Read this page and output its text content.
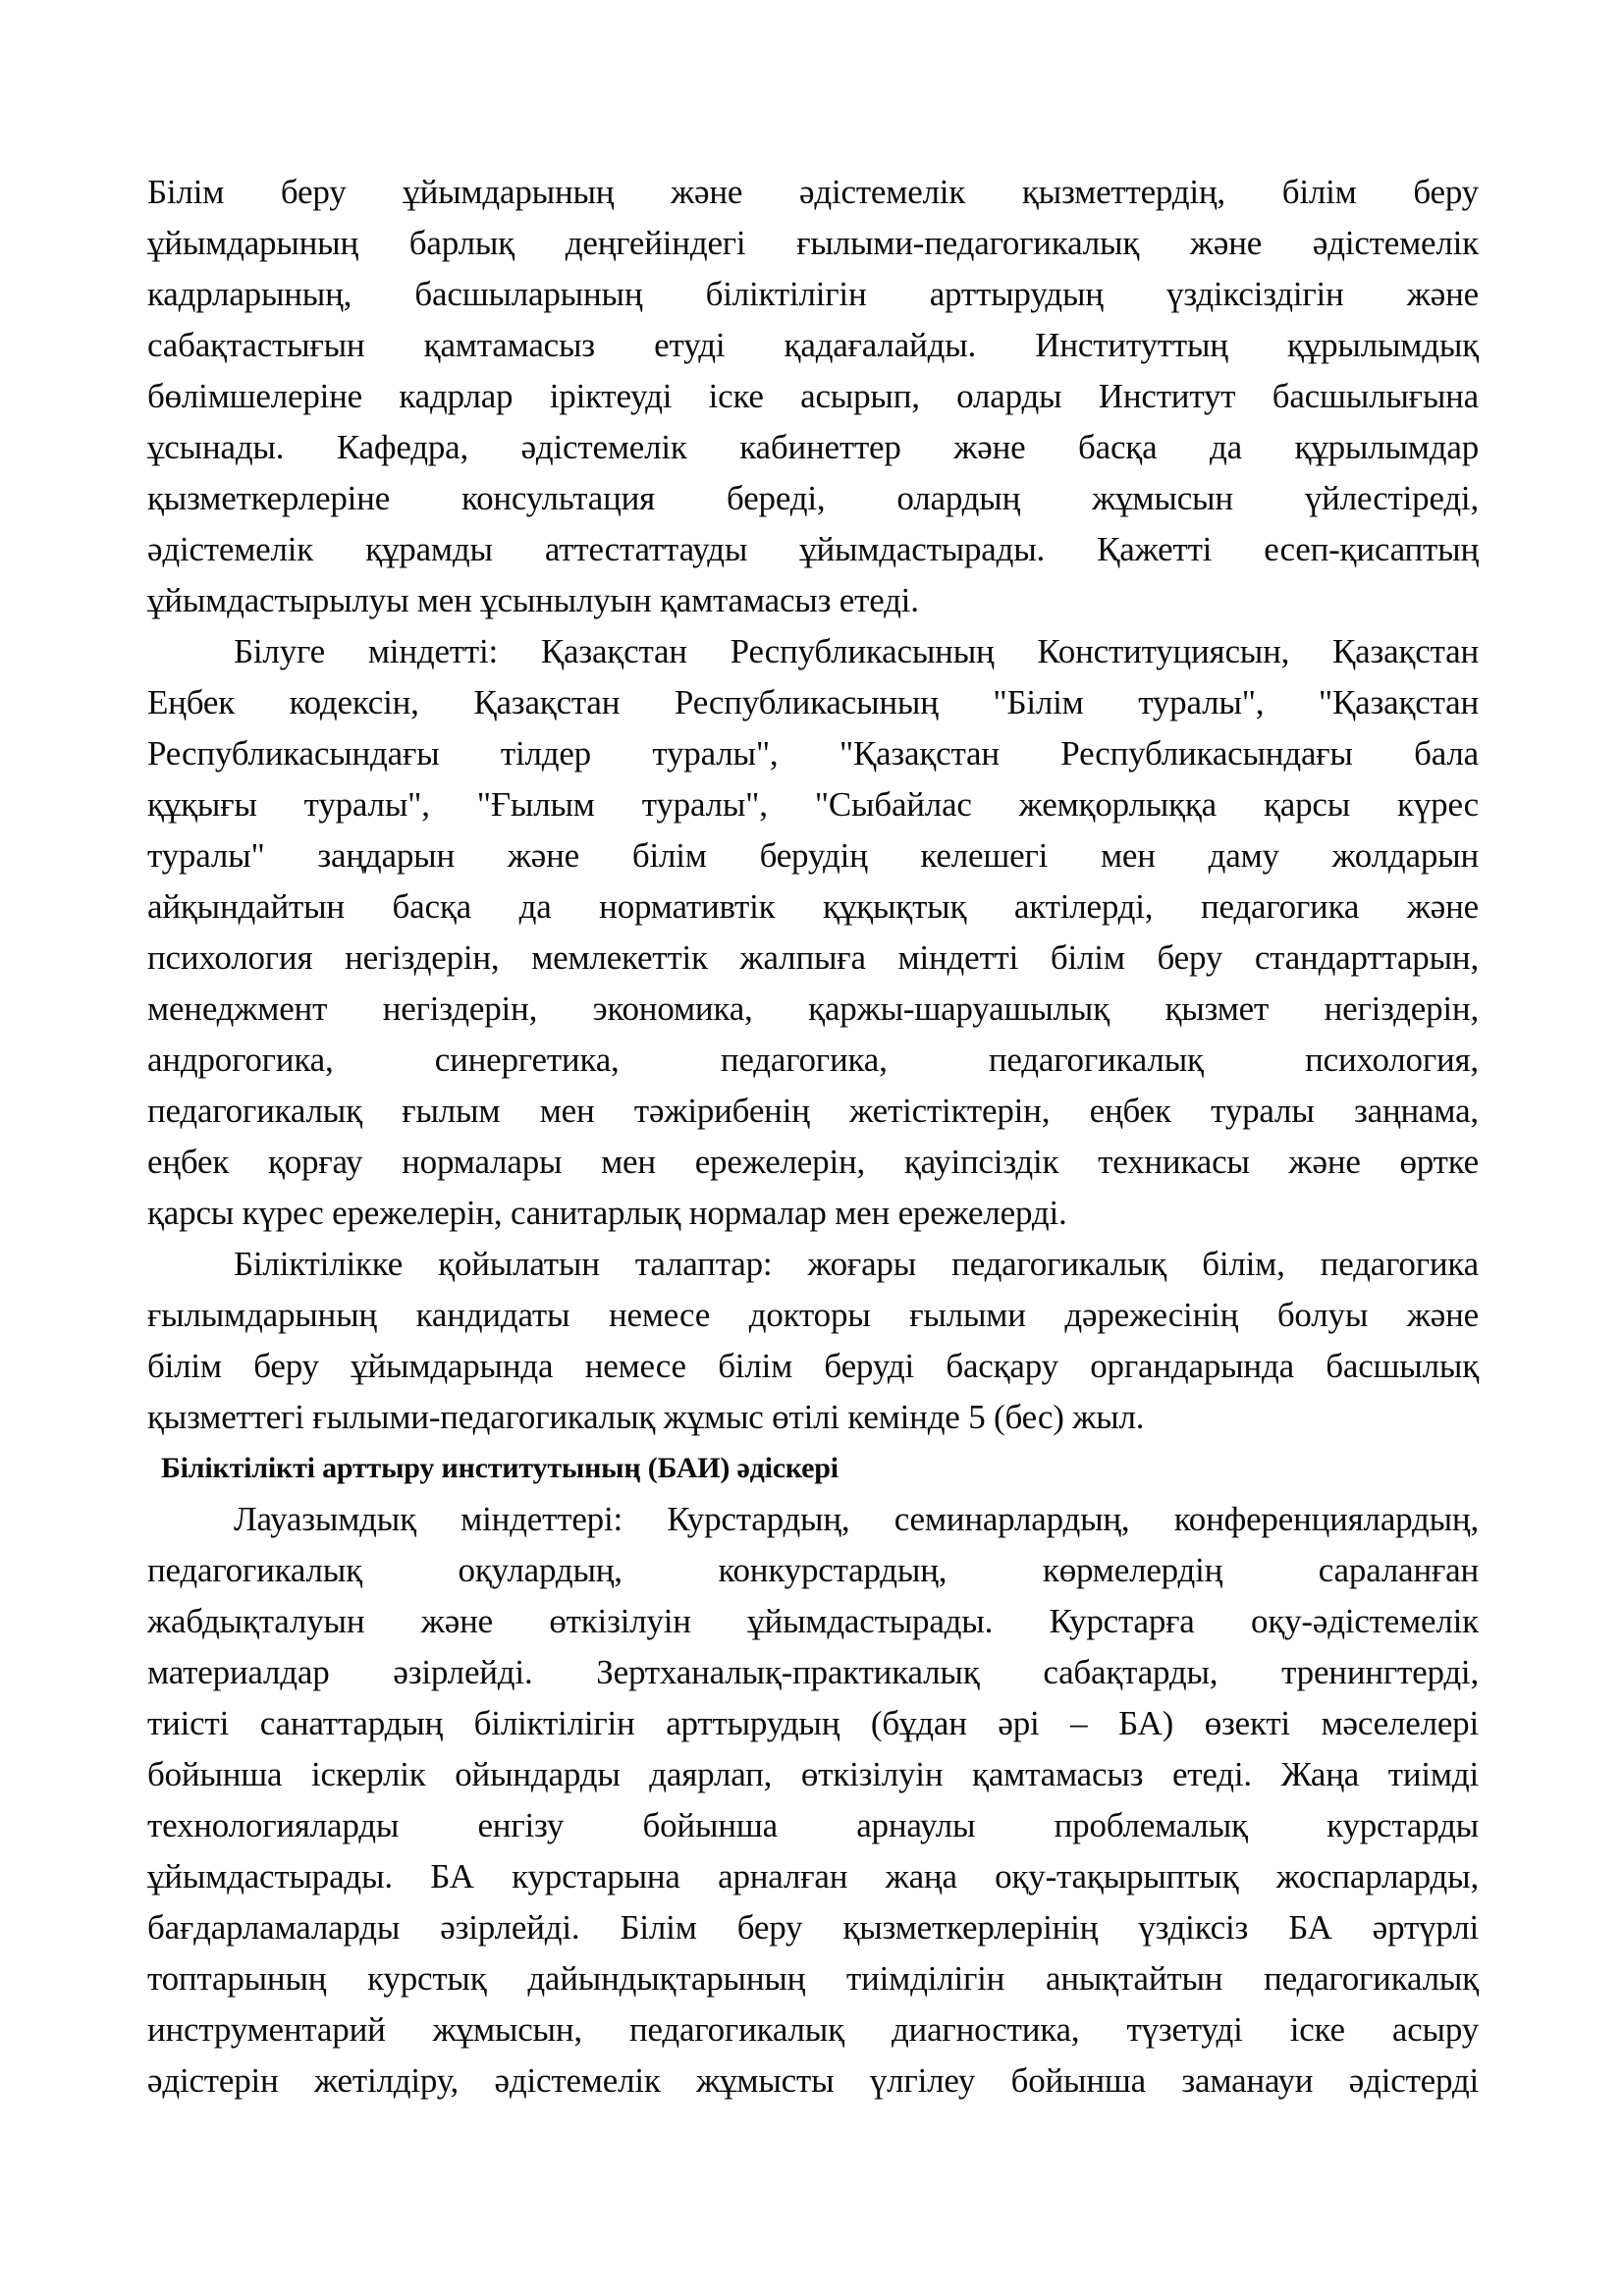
Білім беру ұйымдарының және әдістемелік қызметтердің, білім беру
ұйымдарының барлық деңгейіндегі ғылыми-педагогикалық және әдістемелік
кадрларының, басшыларының біліктілігін арттырудың үздіксіздігін және
сабақтастығын қамтамасыз етуді қадағалайды. Институттың құрылымдық
бөлімшелеріне кадрлар іріктеуді іске асырып, оларды Институт басшылығына
ұсынады. Кафедра, әдістемелік кабинеттер және басқа да құрылымдар
қызметкерлеріне консультация береді, олардың жұмысын үйлестіреді,
әдістемелік құрамды аттестаттауды ұйымдастырады. Қажетті есеп-қисаптың
ұйымдастырылуы мен ұсынылуын қамтамасыз етеді.
Білуге міндетті: Қазақстан Республикасының Конституциясын, Қазақстан
Еңбек кодексін, Қазақстан Республикасының "Білім туралы", "Қазақстан
Республикасындағы тілдер туралы", "Қазақстан Республикасындағы бала
құқығы туралы", "Ғылым туралы", "Сыбайлас жемқорлыққа қарсы күрес
туралы" заңдарын және білім берудің келешегі мен даму жолдарын
айқындайтын басқа да нормативтік құқықтық актілерді, педагогика және
психология негіздерін, мемлекеттік жалпыға міндетті білім беру стандарттарын,
менеджмент негіздерін, экономика, қаржы-шаруашылық қызмет негіздерін,
андрогогика, синергетика, педагогика, педагогикалық психология,
педагогикалық ғылым мен тәжірибенің жетістіктерін, еңбек туралы заңнама,
еңбек қорғау нормалары мен ережелерін, қауіпсіздік техникасы және өртке
қарсы күрес ережелерін, санитарлық нормалар мен ережелерді.
Біліктілікке қойылатын талаптар: жоғары педагогикалық білім, педагогика
ғылымдарының кандидаты немесе докторы ғылыми дәрежесінің болуы және
білім беру ұйымдарында немесе білім беруді басқару органдарында басшылық
қызметтегі ғылыми-педагогикалық жұмыс өтілі кемінде 5 (бес) жыл.
Біліктілікті арттыру институтының (БАИ) әдіскері
Лауазымдық міндеттері: Курстардың, семинарлардың, конференциялардың,
педагогикалық оқулардың, конкурстардың, көрмелердің сараланған
жабдықталуын және өткізілуін ұйымдастырады. Курстарға оқу-әдістемелік
материалдар әзірлейді. Зертханалық-практикалық сабақтарды, тренингтерді,
тиісті санаттардың біліктілігін арттырудың (бұдан әрі – БА) өзекті мәселелері
бойынша іскерлік ойындарды даярлап, өткізілуін қамтамасыз етеді. Жаңа тиімді
технологияларды енгізу бойынша арнаулы проблемалық курстарды
ұйымдастырады. БА курстарына арналған жаңа оқу-тақырыптық жоспарларды,
бағдарламаларды әзірлейді. Білім беру қызметкерлерінің үздіксіз БА әртүрлі
топтарының курстық дайындықтарының тиімділігін анықтайтын педагогикалық
инструментарий жұмысын, педагогикалық диагностика, түзетуді іске асыру
әдістерін жетілдіру, әдістемелік жұмысты үлгілеу бойынша заманауи әдістерді
